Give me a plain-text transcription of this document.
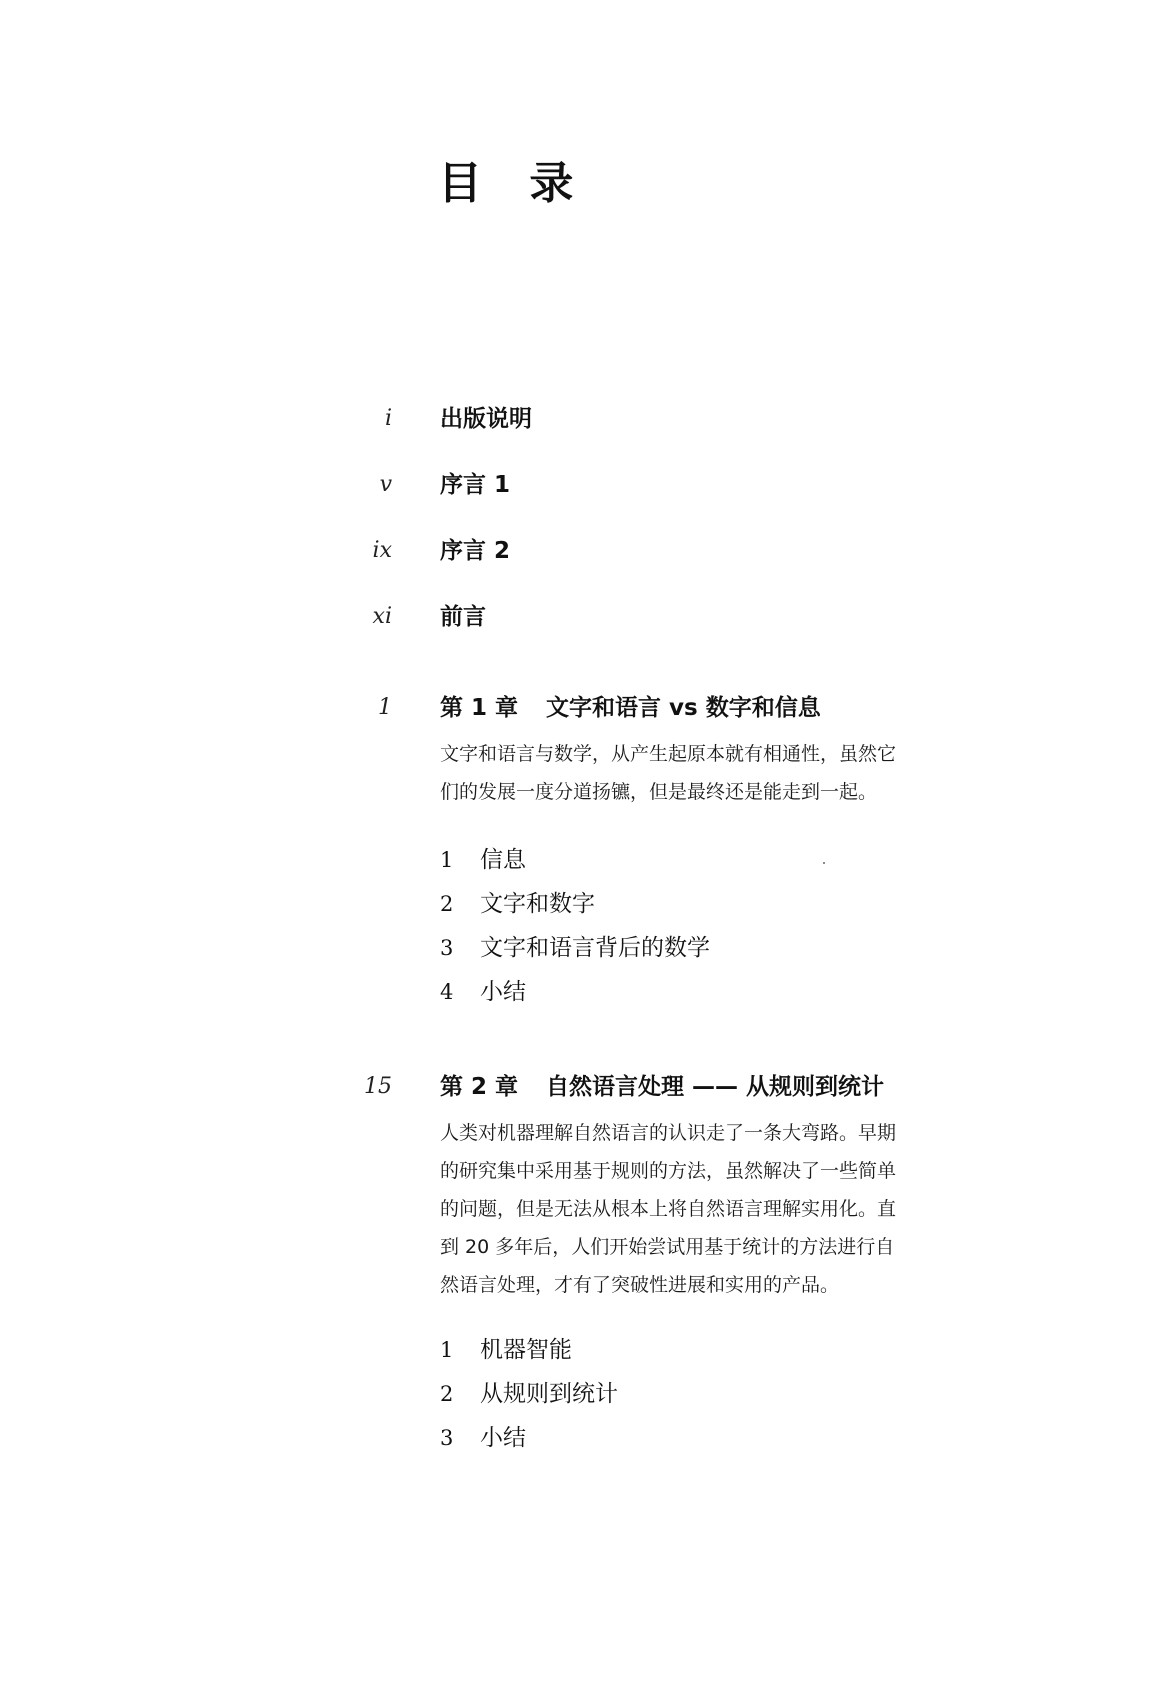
目 录
i 出版说明
v 序言 1
ix 序言 2
xi 前言
1 第 1 章 文字和语言 vs 数字和信息
文字和语言与数学，从产生起原本就有相通性，虽然它
们的发展一度分道扬镳，但是最终还是能走到一起。
1 信息
2 文字和数字
3 文字和语言背后的数学
4 小结
15 第 2 章 自然语言处理 —— 从规则到统计
人类对机器理解自然语言的认识走了一条大弯路。早期
的研究集中采用基于规则的方法，虽然解决了一些简单
的问题，但是无法从根本上将自然语言理解实用化。直
到 20 多年后，人们开始尝试用基于统计的方法进行自
然语言处理，才有了突破性进展和实用的产品。
1 机器智能
2 从规则到统计
3 小结
